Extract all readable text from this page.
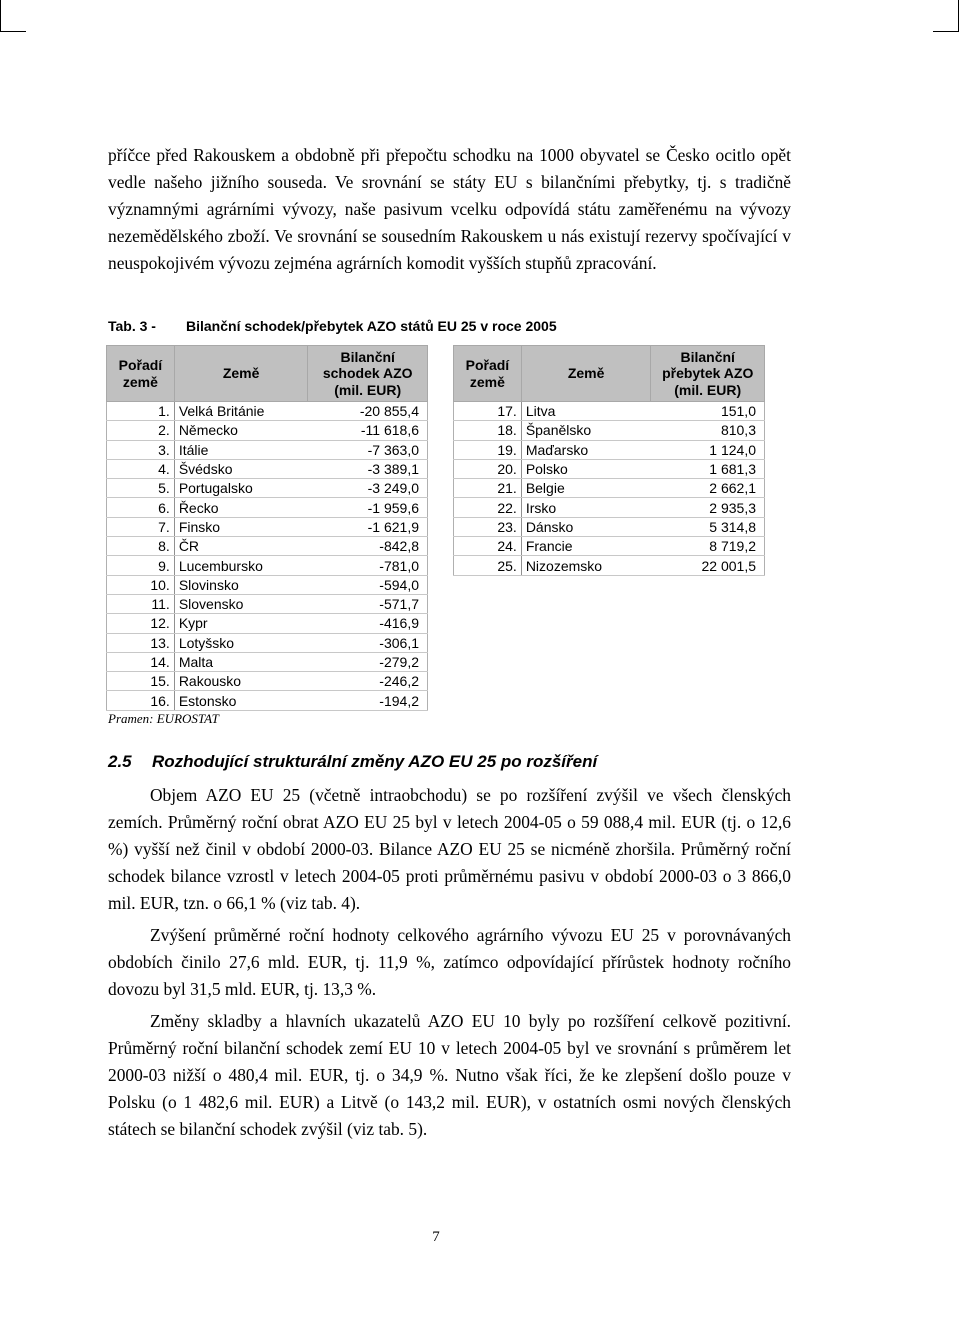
příčce před Rakouskem a obdobně při přepočtu schodku na 1000 obyvatel se Česko ocitlo opět vedle našeho jižního souseda. Ve srovnání se státy EU s bilančními přebytky, tj. s tradičně významnými agrárními vývozy, naše pasivum vcelku odpovídá státu zaměřenému na vývozy nezemědělského zboží. Ve srovnání se sousedním Rakouskem u nás existují rezervy spočívající v neuspokojivém vývozu zejména agrárních komodit vyšších stupňů zpracování.

Tab. 3 - Bilanční schodek/přebytek AZO států EU 25 v roce 2005
Pořadí země	Země	Bilanční schodek AZO (mil. EUR)
1.	Velká Británie	-20 855,4
2.	Německo	-11 618,6
3.	Itálie	-7 363,0
4.	Švédsko	-3 389,1
5.	Portugalsko	-3 249,0
6.	Řecko	-1 959,6
7.	Finsko	-1 621,9
8.	ČR	-842,8
9.	Lucembursko	-781,0
10.	Slovinsko	-594,0
11.	Slovensko	-571,7
12.	Kypr	-416,9
13.	Lotyšsko	-306,1
14.	Malta	-279,2
15.	Rakousko	-246,2
16.	Estonsko	-194,2
Pořadí země	Země	Bilanční přebytek AZO (mil. EUR)
17.	Litva	151,0
18.	Španělsko	810,3
19.	Maďarsko	1 124,0
20.	Polsko	1 681,3
21.	Belgie	2 662,1
22.	Irsko	2 935,3
23.	Dánsko	5 314,8
24.	Francie	8 719,2
25.	Nizozemsko	22 001,5
Pramen: EUROSTAT
2.5 Rozhodující strukturální změny AZO EU 25 po rozšíření

Objem AZO EU 25 (včetně intraobchodu) se po rozšíření zvýšil ve všech členských zemích. Průměrný roční obrat AZO EU 25 byl v letech 2004-05 o 59 088,4 mil. EUR (tj. o 12,6 %) vyšší než činil v období 2000-03. Bilance AZO EU 25 se nicméně zhoršila. Průměrný roční schodek bilance vzrostl v letech 2004-05 proti průměrnému pasivu v období 2000-03 o 3 866,0 mil. EUR, tzn. o 66,1 % (viz tab. 4).

Zvýšení průměrné roční hodnoty celkového agrárního vývozu EU 25 v porovnávaných obdobích činilo 27,6 mld. EUR, tj. 11,9 %, zatímco odpovídající přírůstek hodnoty ročního dovozu byl 31,5 mld. EUR, tj. 13,3 %.

Změny skladby a hlavních ukazatelů AZO EU 10 byly po rozšíření celkově pozitivní. Průměrný roční bilanční schodek zemí EU 10 v letech 2004-05 byl ve srovnání s průměrem let 2000-03 nižší o 480,4 mil. EUR, tj. o 34,9 %. Nutno však říci, že ke zlepšení došlo pouze v Polsku (o 1 482,6 mil. EUR) a Litvě (o 143,2 mil. EUR), v ostatních osmi nových členských státech se bilanční schodek zvýšil (viz tab. 5).

7
